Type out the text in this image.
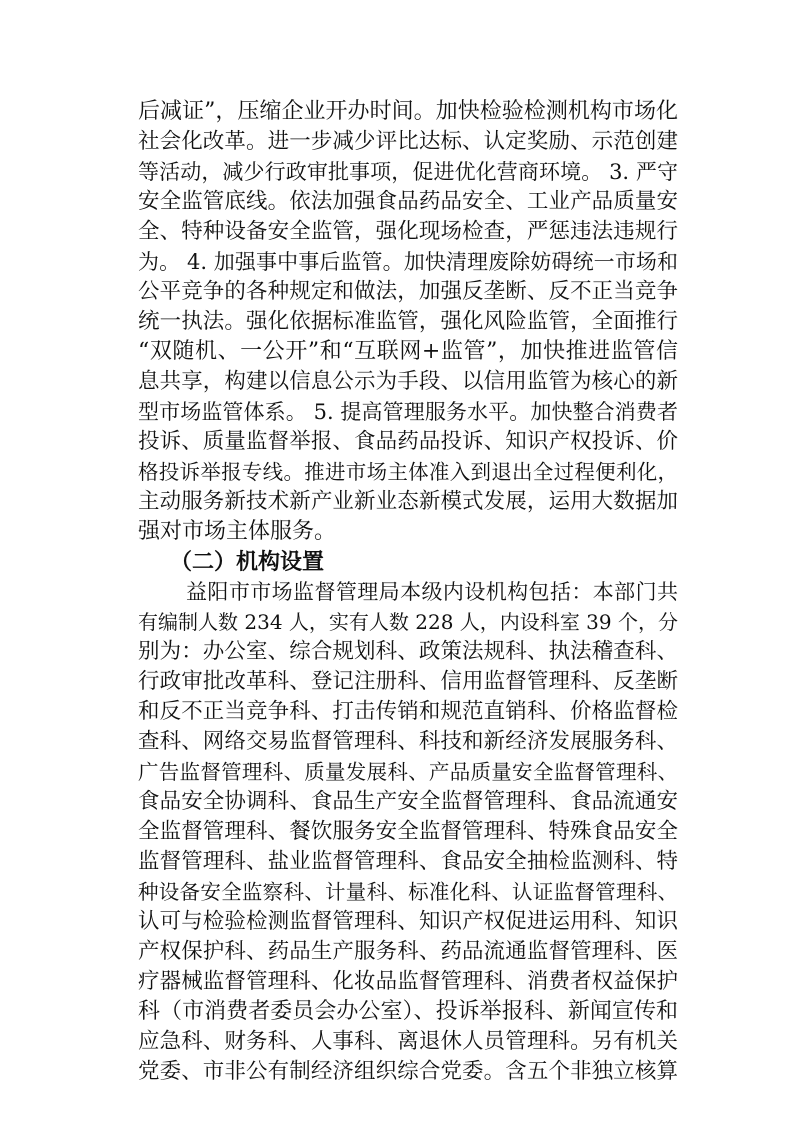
后减证”，压缩企业开办时间。加快检验检测机构市场化
社会化改革。进一步减少评比达标、认定奖励、示范创建
等活动，减少行政审批事项，促进优化营商环境。 3. 严守
安全监管底线。依法加强食品药品安全、工业产品质量安
全、特种设备安全监管，强化现场检查，严惩违法违规行
为。 4. 加强事中事后监管。加快清理废除妨碍统一市场和
公平竞争的各种规定和做法，加强反垄断、反不正当竞争
统一执法。强化依据标准监管，强化风险监管，全面推行
“双随机、一公开”和“互联网+监管”，加快推进监管信
息共享，构建以信息公示为手段、以信用监管为核心的新
型市场监管体系。 5. 提高管理服务水平。加快整合消费者
投诉、质量监督举报、食品药品投诉、知识产权投诉、价
格投诉举报专线。推进市场主体准入到退出全过程便利化，
主动服务新技术新产业新业态新模式发展，运用大数据加
强对市场主体服务。
（二）机构设置
益阳市市场监督管理局本级内设机构包括：本部门共
有编制人数 234 人，实有人数 228 人，内设科室 39 个，分
别为：办公室、综合规划科、政策法规科、执法稽查科、
行政审批改革科、登记注册科、信用监督管理科、反垄断
和反不正当竞争科、打击传销和规范直销科、价格监督检
查科、网络交易监督管理科、科技和新经济发展服务科、
广告监督管理科、质量发展科、产品质量安全监督管理科、
食品安全协调科、食品生产安全监督管理科、食品流通安
全监督管理科、餐饮服务安全监督管理科、特殊食品安全
监督管理科、盐业监督管理科、食品安全抽检监测科、特
种设备安全监察科、计量科、标准化科、认证监督管理科、
认可与检验检测监督管理科、知识产权促进运用科、知识
产权保护科、药品生产服务科、药品流通监督管理科、医
疗器械监督管理科、化妆品监督管理科、消费者权益保护
科（市消费者委员会办公室）、投诉举报科、新闻宣传和
应急科、财务科、人事科、离退休人员管理科。另有机关
党委、市非公有制经济组织综合党委。含五个非独立核算
